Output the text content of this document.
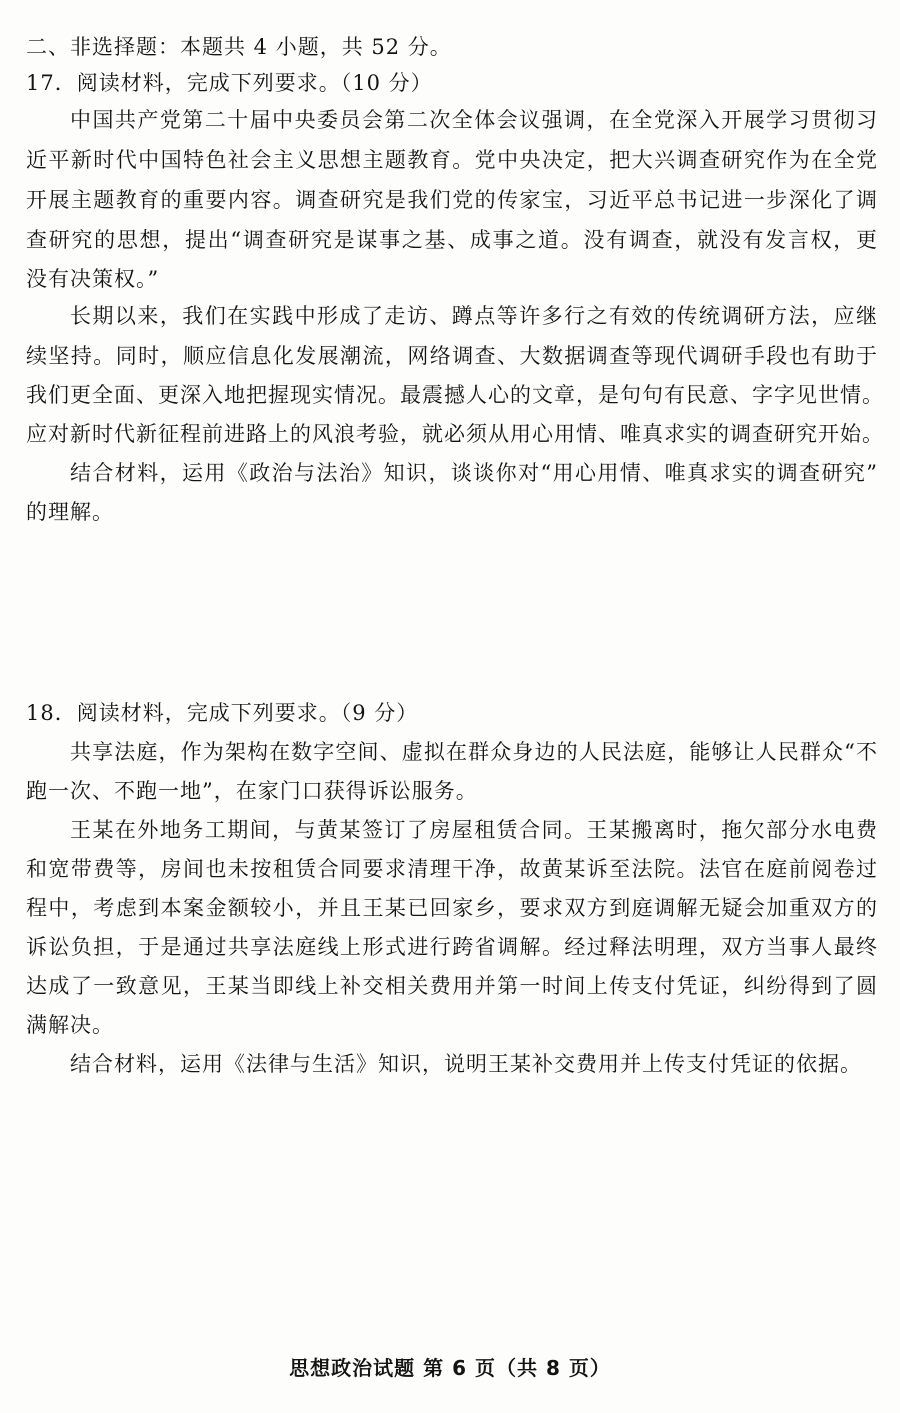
二、非选择题：本题共 4 小题，共 52 分。
17．阅读材料，完成下列要求。（10 分）
中国共产党第二十届中央委员会第二次全体会议强调，在全党深入开展学习贯彻习
近平新时代中国特色社会主义思想主题教育。党中央决定，把大兴调查研究作为在全党
开展主题教育的重要内容。调查研究是我们党的传家宝，习近平总书记进一步深化了调
查研究的思想，提出“调查研究是谋事之基、成事之道。没有调查，就没有发言权，更
没有决策权。”
长期以来，我们在实践中形成了走访、蹲点等许多行之有效的传统调研方法，应继
续坚持。同时，顺应信息化发展潮流，网络调查、大数据调查等现代调研手段也有助于
我们更全面、更深入地把握现实情况。最震撼人心的文章，是句句有民意、字字见世情。
应对新时代新征程前进路上的风浪考验，就必须从用心用情、唯真求实的调查研究开始。
结合材料，运用《政治与法治》知识，谈谈你对“用心用情、唯真求实的调查研究”
的理解。
18．阅读材料，完成下列要求。（9 分）
共享法庭，作为架构在数字空间、虚拟在群众身边的人民法庭，能够让人民群众“不
跑一次、不跑一地”，在家门口获得诉讼服务。
王某在外地务工期间，与黄某签订了房屋租赁合同。王某搬离时，拖欠部分水电费
和宽带费等，房间也未按租赁合同要求清理干净，故黄某诉至法院。法官在庭前阅卷过
程中，考虑到本案金额较小，并且王某已回家乡，要求双方到庭调解无疑会加重双方的
诉讼负担，于是通过共享法庭线上形式进行跨省调解。经过释法明理，双方当事人最终
达成了一致意见，王某当即线上补交相关费用并第一时间上传支付凭证，纠纷得到了圆
满解决。
结合材料，运用《法律与生活》知识，说明王某补交费用并上传支付凭证的依据。
思想政治试题 第 6 页（共 8 页）
